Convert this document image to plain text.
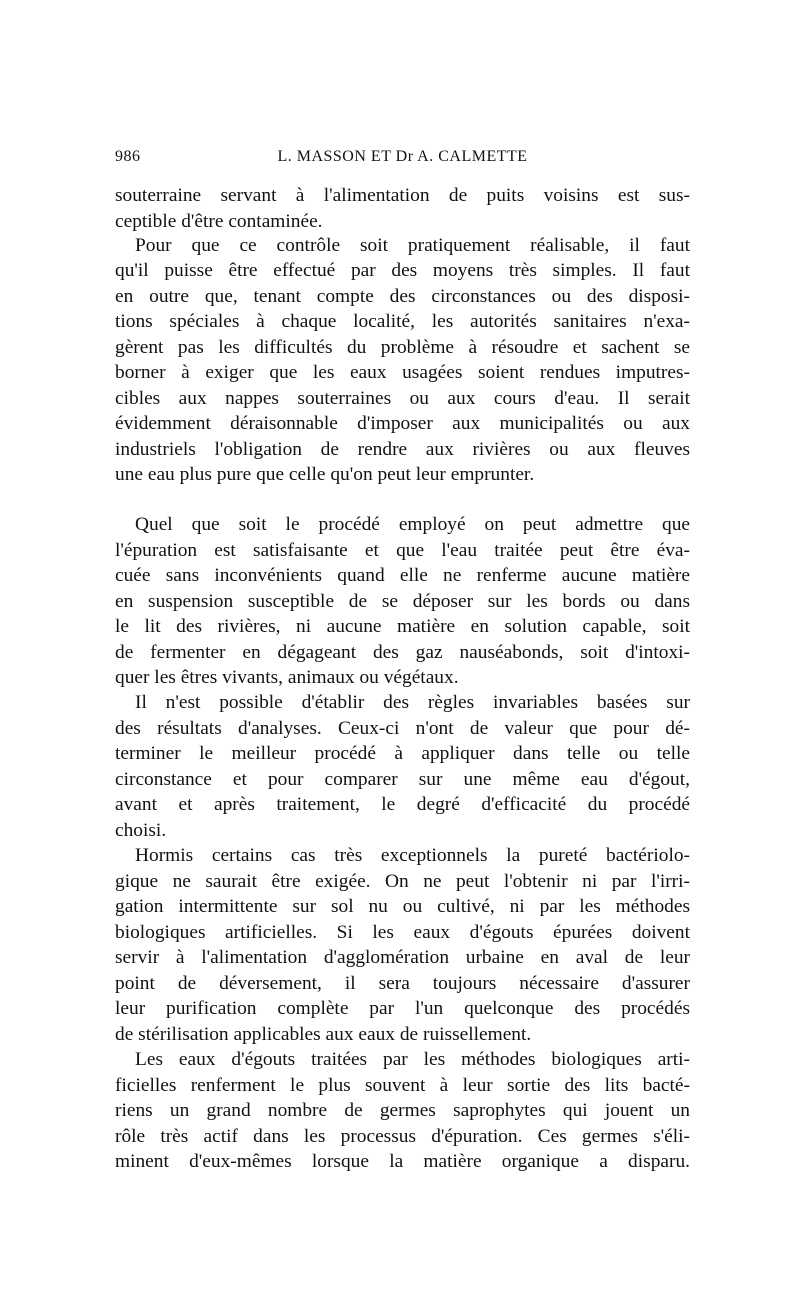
986	L. MASSON ET Dr A. CALMETTE
souterraine servant à l'alimentation de puits voisins est sus-
ceptible d'être contaminée.
Pour que ce contrôle soit pratiquement réalisable, il faut
qu'il puisse être effectué par des moyens très simples. Il faut
en outre que, tenant compte des circonstances ou des disposi-
tions spéciales à chaque localité, les autorités sanitaires n'exa-
gèrent pas les difficultés du problème à résoudre et sachent se
borner à exiger que les eaux usagées soient rendues imputres-
cibles aux nappes souterraines ou aux cours d'eau. Il serait
évidemment déraisonnable d'imposer aux municipalités ou aux
industriels l'obligation de rendre aux rivières ou aux fleuves
une eau plus pure que celle qu'on peut leur emprunter.
Quel que soit le procédé employé on peut admettre que
l'épuration est satisfaisante et que l'eau traitée peut être éva-
cuée sans inconvénients quand elle ne renferme aucune matière
en suspension susceptible de se déposer sur les bords ou dans
le lit des rivières, ni aucune matière en solution capable, soit
de fermenter en dégageant des gaz nauséabonds, soit d'intoxi-
quer les êtres vivants, animaux ou végétaux.
Il n'est possible d'établir des règles invariables basées sur
des résultats d'analyses. Ceux-ci n'ont de valeur que pour dé-
terminer le meilleur procédé à appliquer dans telle ou telle
circonstance et pour comparer sur une même eau d'égout,
avant et après traitement, le degré d'efficacité du procédé
choisi.
Hormis certains cas très exceptionnels la pureté bactériolo-
gique ne saurait être exigée. On ne peut l'obtenir ni par l'irri-
gation intermittente sur sol nu ou cultivé, ni par les méthodes
biologiques artificielles. Si les eaux d'égouts épurées doivent
servir à l'alimentation d'agglomération urbaine en aval de leur
point de déversement, il sera toujours nécessaire d'assurer
leur purification complète par l'un quelconque des procédés
de stérilisation applicables aux eaux de ruissellement.
Les eaux d'égouts traitées par les méthodes biologiques arti-
ficielles renferment le plus souvent à leur sortie des lits bacté-
riens un grand nombre de germes saprophytes qui jouent un
rôle très actif dans les processus d'épuration. Ces germes s'éli-
minent d'eux-mêmes lorsque la matière organique a disparu.
